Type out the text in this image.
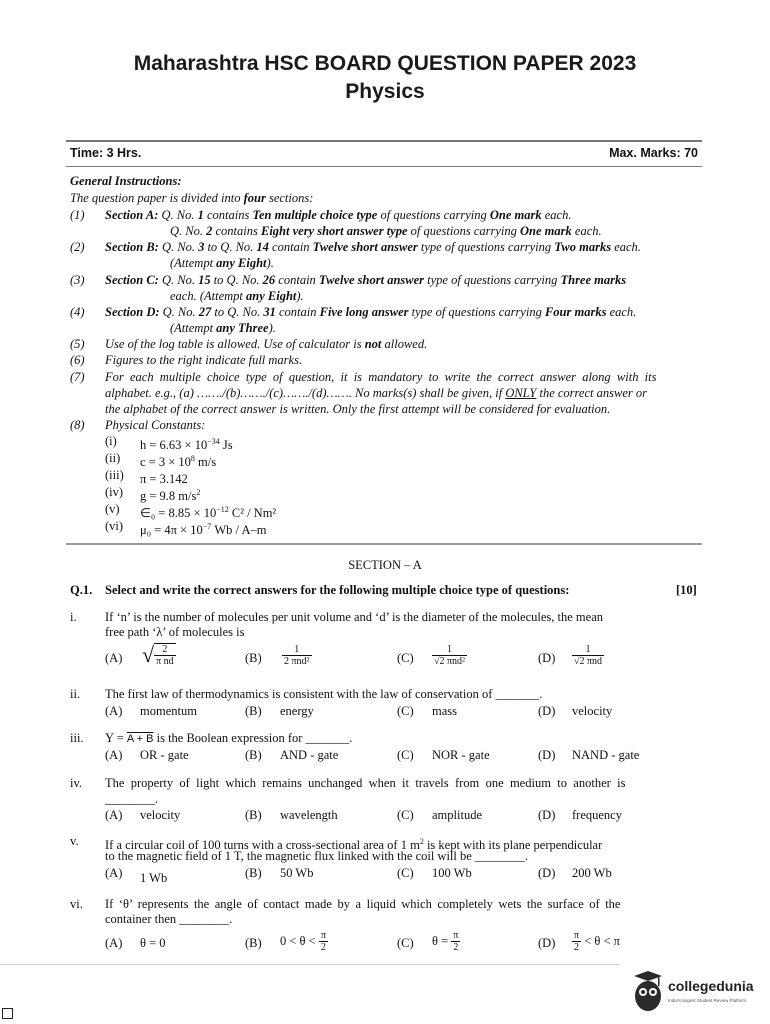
Maharashtra HSC BOARD QUESTION PAPER 2023
Physics
Time: 3 Hrs.	Max. Marks: 70
General Instructions:
The question paper is divided into four sections:
(1) Section A: Q. No. 1 contains Ten multiple choice type of questions carrying One mark each.
Q. No. 2 contains Eight very short answer type of questions carrying One mark each.
(2) Section B: Q. No. 3 to Q. No. 14 contain Twelve short answer type of questions carrying Two marks each.
(Attempt any Eight).
(3) Section C: Q. No. 15 to Q. No. 26 contain Twelve short answer type of questions carrying Three marks
each. (Attempt any Eight).
(4) Section D: Q. No. 27 to Q. No. 31 contain Five long answer type of questions carrying Four marks each.
(Attempt any Three).
(5) Use of the log table is allowed. Use of calculator is not allowed.
(6) Figures to the right indicate full marks.
(7) For each multiple choice type of question, it is mandatory to write the correct answer along with its
alphabet. e.g., (a) ……./(b)……./(c)……./(d)……. No marks(s) shall be given, if ONLY the correct answer or
the alphabet of the correct answer is written. Only the first attempt will be considered for evaluation.
(8) Physical Constants:
(i) $h = 6.63 \times 10^{-34}$ Js
(ii) $c = 3 \times 10^8$ m/s
(iii) π = 3.142
(iv) g = 9.8 $m/s^2$
(v) ∈₀ = $8.85 \times 10^{-12}$ C² / Nm²
(vi) $\mu_0 = 4\pi \times 10^{-7}$ Wb / A–m
SECTION – A
Q.1. Select and write the correct answers for the following multiple choice type of questions:	[10]
i. If ‘n’ is the number of molecules per unit volume and ‘d’ is the diameter of the molecules, the mean
free path ‘λ’ of molecules is
(A) √ $\frac{2}{\text{π nd}}$	$(B) \frac{1}{\text{2 πnd²}}$	$(C) \frac{1}{\text{√2 πnd²}}$	$(D) \frac{1}{\text{√2 πnd}}$
ii. The first law of thermodynamics is consistent with the law of conservation of _______.
(A) momentum	(B) energy	(C) mass	(D) velocity
iii. Y = A + B is the Boolean expression for _______.
(A) OR - gate	(B) AND - gate	(C) NOR - gate	(D) NAND - gate
iv. The property of light which remains unchanged when it travels from one medium to another is
________.
(A) velocity	(B) wavelength	(C) amplitude	(D) frequency
v. If a circular coil of 100 turns with a cross-sectional area of 1 $m^2$ is kept with its plane perpendicular
to the magnetic field of 1 T, the magnetic flux linked with the coil will be ________.
(A) 1 Wb	(B) 50 Wb	(C) 100 Wb	(D) 200 Wb
vi. If ‘θ’ represents the angle of contact made by a liquid which completely wets the surface of the
container then ________.
(A) θ = 0	(B) $0 < \theta < \frac{\pi}{2}$	(C) $\theta = \frac{\pi}{2}$	$(D) \frac{\pi}{2} < \theta < \pi$
collegedunia
India's largest Student Review Platform
